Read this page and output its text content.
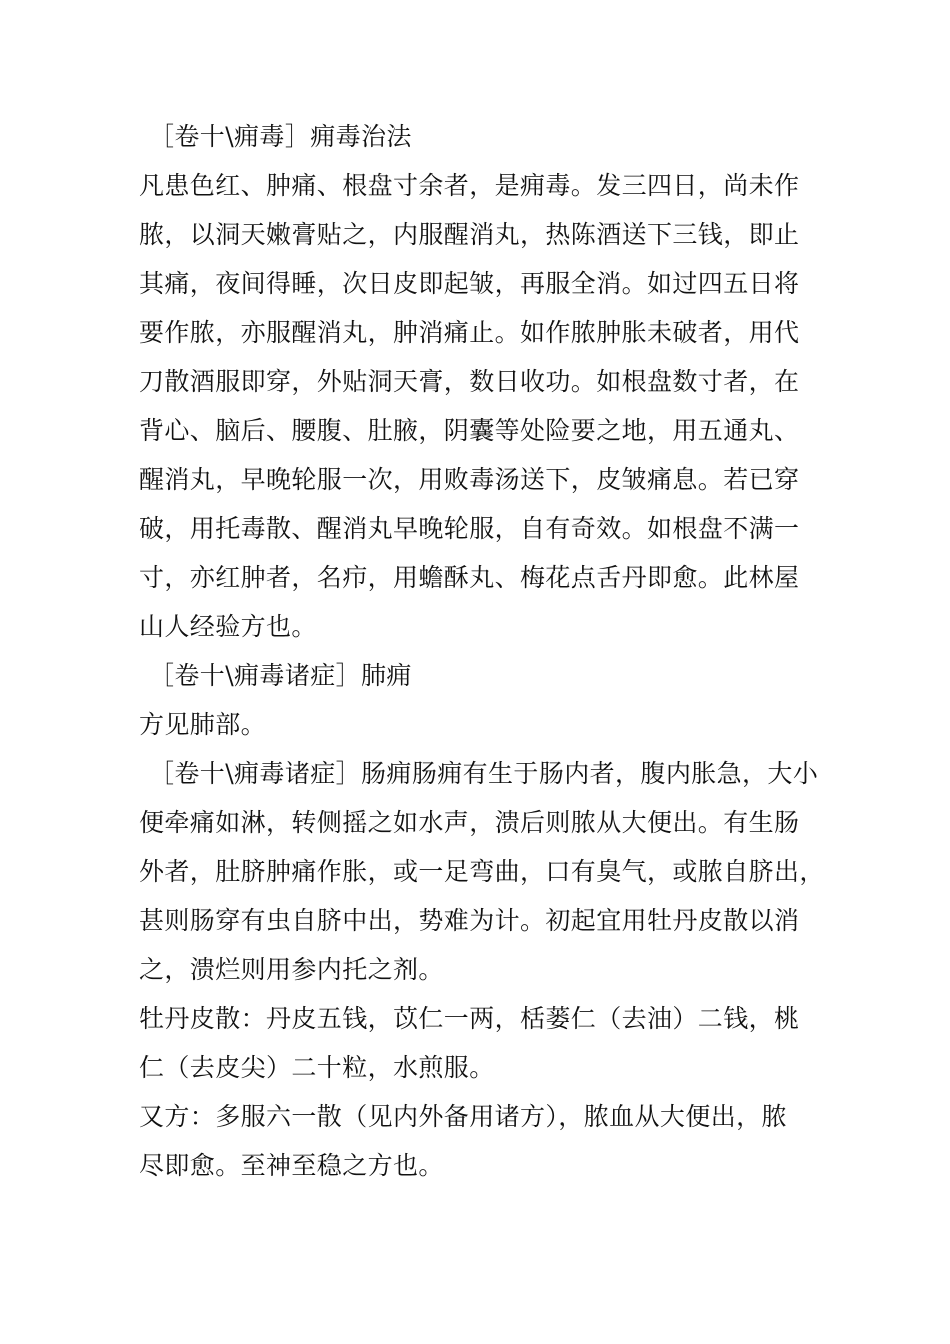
［卷十\痈毒］痈毒治法
凡患色红、肿痛、根盘寸余者，是痈毒。发三四日，尚未作
脓，以洞天嫩膏贴之，内服醒消丸，热陈酒送下三钱，即止
其痛，夜间得睡，次日皮即起皱，再服全消。如过四五日将
要作脓，亦服醒消丸，肿消痛止。如作脓肿胀未破者，用代
刀散酒服即穿，外贴洞天膏，数日收功。如根盘数寸者，在
背心、脑后、腰腹、肚腋，阴囊等处险要之地，用五通丸、
醒消丸，早晚轮服一次，用败毒汤送下，皮皱痛息。若已穿
破，用托毒散、醒消丸早晚轮服，自有奇效。如根盘不满一
寸，亦红肿者，名疖，用蟾酥丸、梅花点舌丹即愈。此林屋
山人经验方也。
［卷十\痈毒诸症］肺痈
方见肺部。
［卷十\痈毒诸症］肠痈肠痈有生于肠内者，腹内胀急，大小
便牵痛如淋，转侧摇之如水声，溃后则脓从大便出。有生肠
外者，肚脐肿痛作胀，或一足弯曲，口有臭气，或脓自脐出，
甚则肠穿有虫自脐中出，势难为计。初起宜用牡丹皮散以消
之，溃烂则用参内托之剂。
牡丹皮散：丹皮五钱，苡仁一两，栝蒌仁（去油）二钱，桃
仁（去皮尖）二十粒，水煎服。
又方：多服六一散（见内外备用诸方），脓血从大便出，脓
尽即愈。至神至稳之方也。
